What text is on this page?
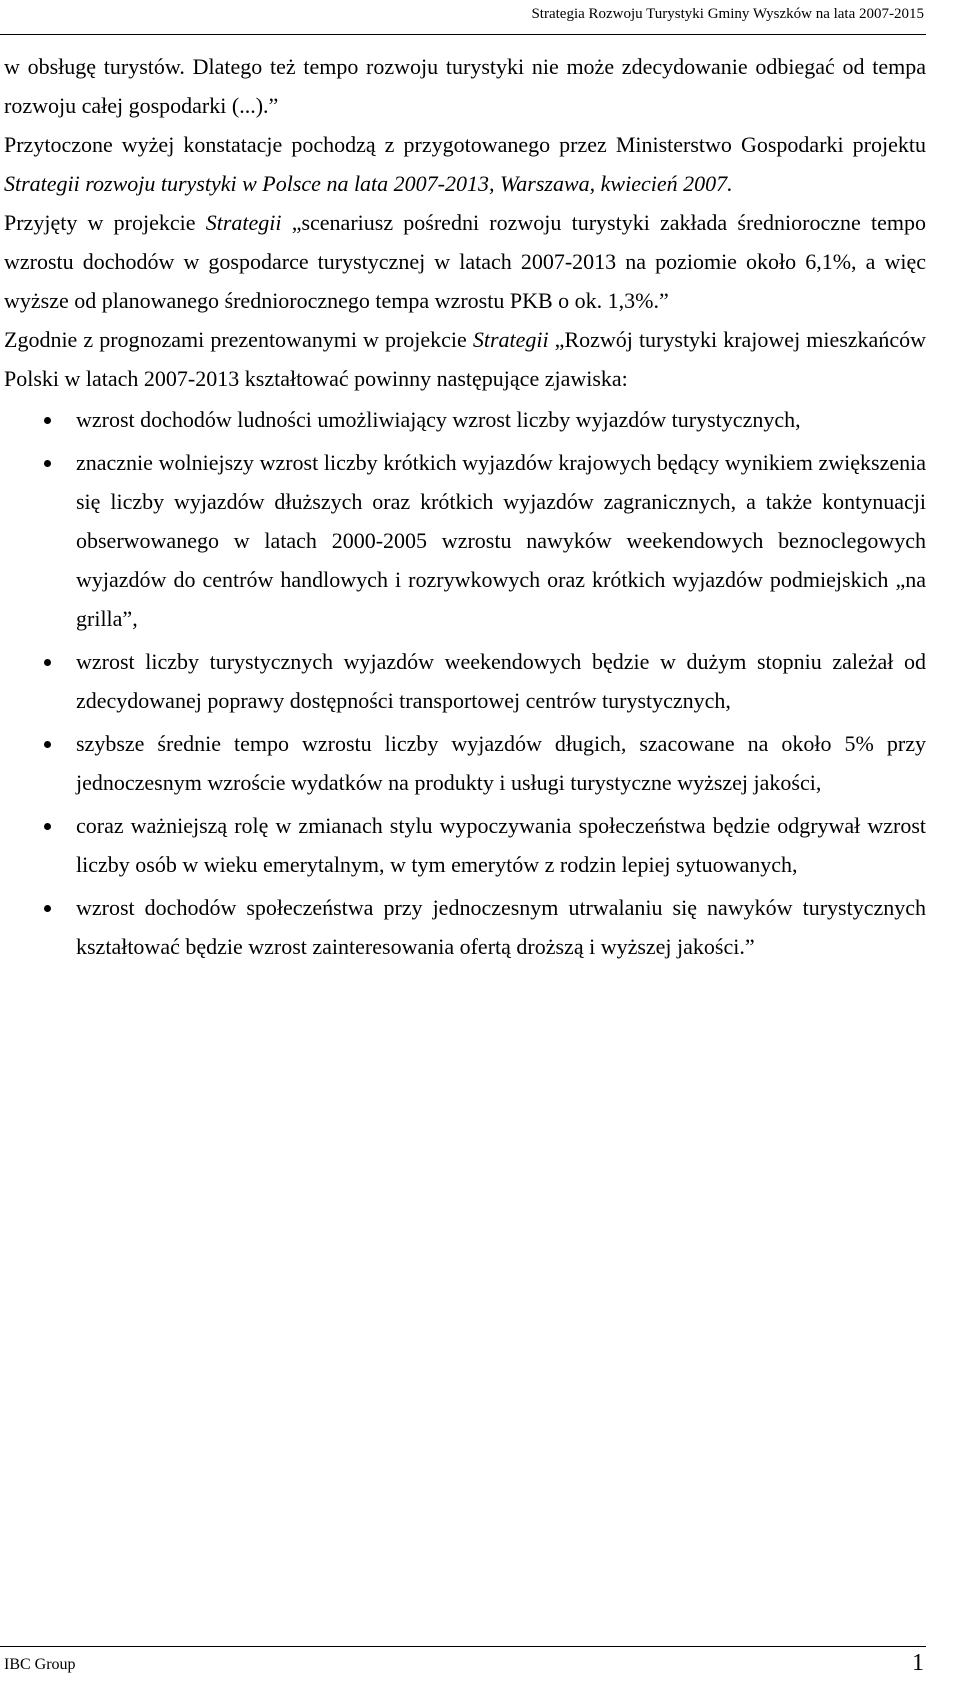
Strategia Rozwoju Turystyki Gminy Wyszków na lata 2007-2015

w obsługę turystów. Dlatego też tempo rozwoju turystyki nie może zdecydowanie odbiegać od tempa rozwoju całej gospodarki (...).”

Przytoczone wyżej konstatacje pochodzą z przygotowanego przez Ministerstwo Gospodarki projektu Strategii rozwoju turystyki w Polsce na lata 2007-2013, Warszawa, kwiecień 2007.

Przyjęty w projekcie Strategii „scenariusz pośredni rozwoju turystyki zakłada średnioroczne tempo wzrostu dochodów w gospodarce turystycznej w latach 2007-2013 na poziomie około 6,1%, a więc wyższe od planowanego średniorocznego tempa wzrostu PKB o ok. 1,3%.”

Zgodnie z prognozami prezentowanymi w projekcie Strategii „Rozwój turystyki krajowej mieszkańców Polski w latach 2007-2013 kształtować powinny następujące zjawiska:

wzrost dochodów ludności umożliwiający wzrost liczby wyjazdów turystycznych,
znacznie wolniejszy wzrost liczby krótkich wyjazdów krajowych będący wynikiem zwiększenia się liczby wyjazdów dłuższych oraz krótkich wyjazdów zagranicznych, a także kontynuacji obserwowanego w latach 2000-2005 wzrostu nawyków weekendowych beznoclegowych wyjazdów do centrów handlowych i rozrywkowych oraz krótkich wyjazdów podmiejskich „na grilla”,
wzrost liczby turystycznych wyjazdów weekendowych będzie w dużym stopniu zależał od zdecydowanej poprawy dostępności transportowej centrów turystycznych,
szybsze średnie tempo wzrostu liczby wyjazdów długich, szacowane na około 5% przy jednoczesnym wzroście wydatków na produkty i usługi turystyczne wyższej jakości,
coraz ważniejszą rolę w zmianach stylu wypoczywania społeczeństwa będzie odgrywał wzrost liczby osób w wieku emerytalnym, w tym emerytów z rodzin lepiej sytuowanych,
wzrost dochodów społeczeństwa przy jednoczesnym utrwalaniu się nawyków turystycznych kształtować będzie wzrost zainteresowania ofertą droższą i wyższej jakości.”
IBC Group	1
